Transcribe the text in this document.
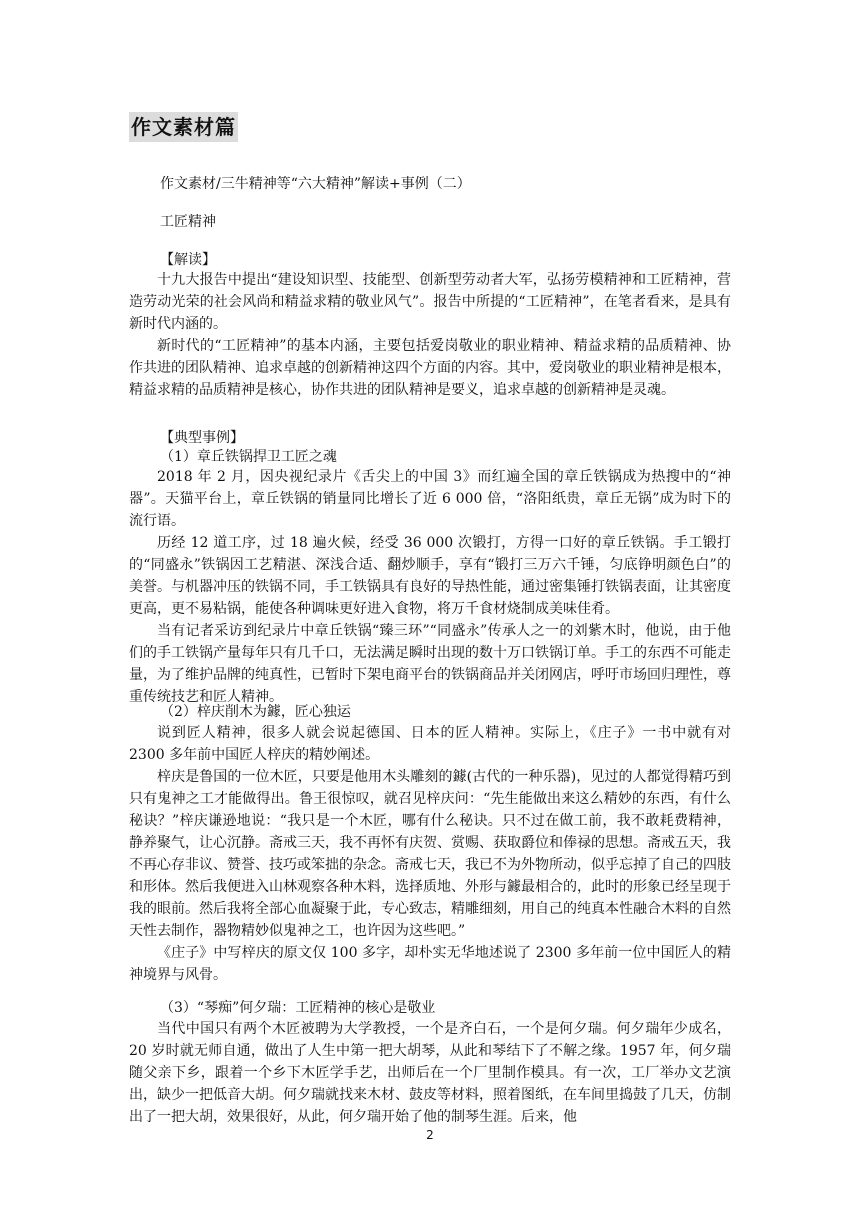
作文素材篇
作文素材/三牛精神等“六大精神”解读+事例（二）
工匠精神
【解读】

十九大报告中提出“建设知识型、技能型、创新型劳动者大军，弘扬劳模精神和工匠精神，营造劳动光荣的社会风尚和精益求精的敬业风气”。报告中所提的“工匠精神”，在笔者看来，是具有新时代内涵的。

新时代的“工匠精神”的基本内涵，主要包括爱岗敬业的职业精神、精益求精的品质精神、协作共进的团队精神、追求卓越的创新精神这四个方面的内容。其中，爱岗敬业的职业精神是根本，精益求精的品质精神是核心，协作共进的团队精神是要义，追求卓越的创新精神是灵魂。

【典型事例】
（1）章丘铁锅捍卫工匠之魂

2018 年 2 月，因央视纪录片《舌尖上的中国 3》而红遍全国的章丘铁锅成为热搜中的“神器”。天猫平台上，章丘铁锅的销量同比增长了近 6 000 倍，“洛阳纸贵，章丘无锅”成为时下的流行语。

历经 12 道工序，过 18 遍火候，经受 36 000 次锻打，方得一口好的章丘铁锅。手工锻打的“同盛永”铁锅因工艺精湛、深浅合适、翻炒顺手，享有“锻打三万六千锤，匀底铮明颜色白”的美誉。与机器冲压的铁锅不同，手工铁锅具有良好的导热性能，通过密集锤打铁锅表面，让其密度更高，更不易粘锅，能使各种调味更好进入食物，将万千食材烧制成美味佳肴。

当有记者采访到纪录片中章丘铁锅“臻三环”“同盛永”传承人之一的刘紫木时，他说，由于他们的手工铁锅产量每年只有几千口，无法满足瞬时出现的数十万口铁锅订单。手工的东西不可能走量，为了维护品牌的纯真性，已暂时下架电商平台的铁锅商品并关闭网店，呼吁市场回归理性，尊重传统技艺和匠人精神。

（2）梓庆削木为鐻，匠心独运

说到匠人精神，很多人就会说起德国、日本的匠人精神。实际上，《庄子》一书中就有对 2300 多年前中国匠人梓庆的精妙阐述。

梓庆是鲁国的一位木匠，只要是他用木头雕刻的鐻(古代的一种乐器)，见过的人都觉得精巧到只有鬼神之工才能做得出。鲁王很惊叹，就召见梓庆问：“先生能做出来这么精妙的东西，有什么秘诀？”梓庆谦逊地说：“我只是一个木匠，哪有什么秘诀。只不过在做工前，我不敢耗费精神，静养聚气，让心沉静。斋戒三天，我不再怀有庆贺、赏赐、获取爵位和俸禄的思想。斋戒五天，我不再心存非议、赞誉、技巧或笨拙的杂念。斋戒七天，我已不为外物所动，似乎忘掉了自己的四肢和形体。然后我便进入山林观察各种木料，选择质地、外形与鐻最相合的，此时的形象已经呈现于我的眼前。然后我将全部心血凝聚于此，专心致志，精雕细刻，用自己的纯真本性融合木料的自然天性去制作，器物精妙似鬼神之工，也许因为这些吧。”

《庄子》中写梓庆的原文仅 100 多字，却朴实无华地述说了 2300 多年前一位中国匠人的精神境界与风骨。

（3）“琴痴”何夕瑞：工匠精神的核心是敬业

当代中国只有两个木匠被聘为大学教授，一个是齐白石，一个是何夕瑞。何夕瑞年少成名，20 岁时就无师自通，做出了人生中第一把大胡琴，从此和琴结下了不解之缘。1957 年，何夕瑞随父亲下乡，跟着一个乡下木匠学手艺，出师后在一个厂里制作模具。有一次，工厂举办文艺演出，缺少一把低音大胡。何夕瑞就找来木材、鼓皮等材料，照着图纸，在车间里捣鼓了几天，仿制出了一把大胡，效果很好，从此，何夕瑞开始了他的制琴生涯。后来，他

2
